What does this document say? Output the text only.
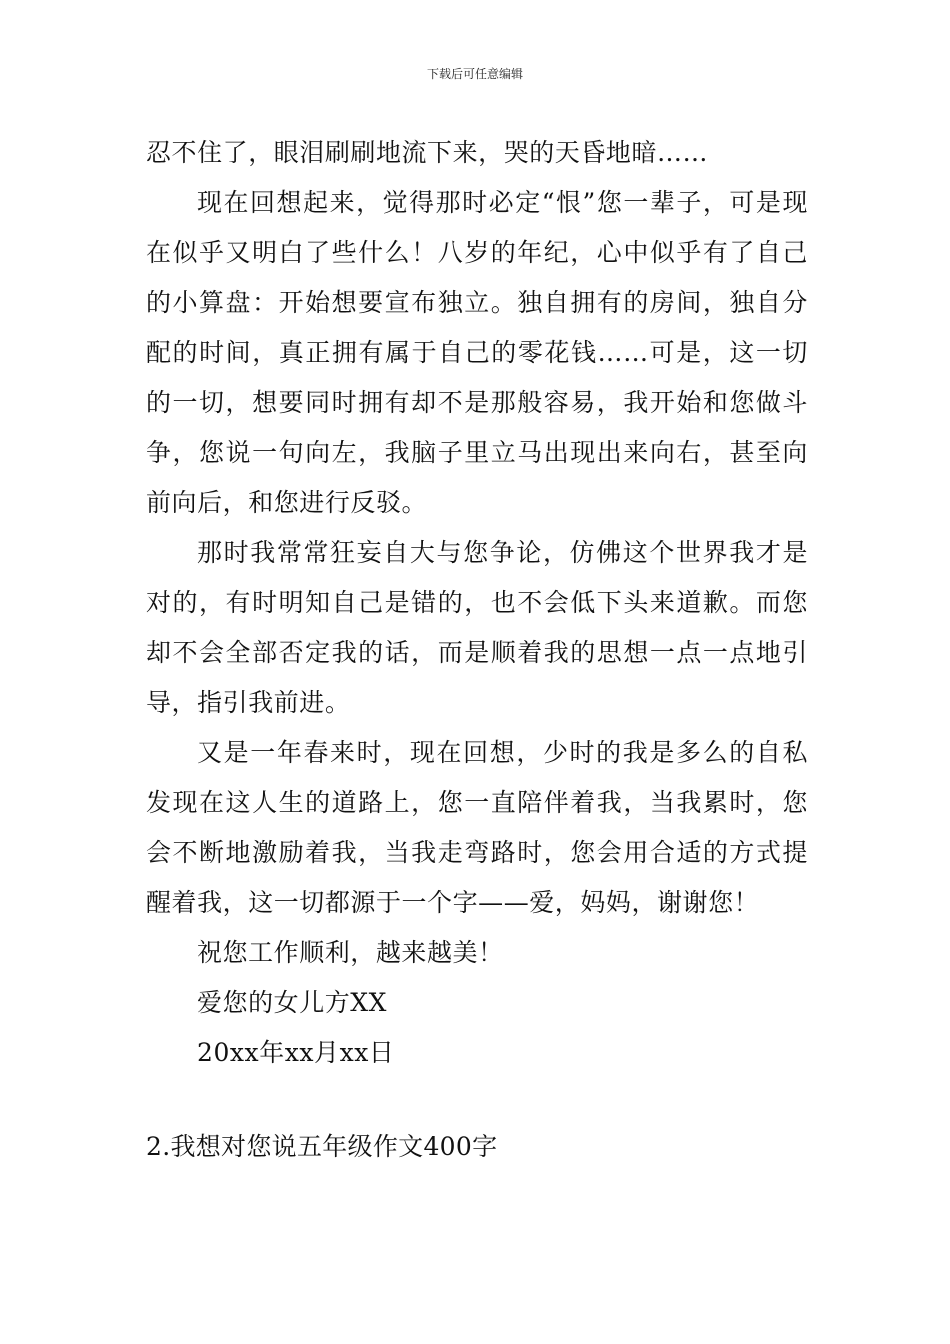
下载后可任意编辑

忍不住了，眼泪刷刷地流下来，哭的天昏地暗……

现在回想起来，觉得那时必定“恨”您一辈子，可是现在似乎又明白了些什么！八岁的年纪，心中似乎有了自己的小算盘：开始想要宣布独立。独自拥有的房间，独自分配的时间，真正拥有属于自己的零花钱……可是，这一切的一切，想要同时拥有却不是那般容易，我开始和您做斗争，您说一句向左，我脑子里立马出现出来向右，甚至向前向后，和您进行反驳。

那时我常常狂妄自大与您争论，仿佛这个世界我才是对的，有时明知自己是错的，也不会低下头来道歉。而您却不会全部否定我的话，而是顺着我的思想一点一点地引导，指引我前进。

又是一年春来时，现在回想，少时的我是多么的自私发现在这人生的道路上，您一直陪伴着我，当我累时，您会不断地激励着我，当我走弯路时，您会用合适的方式提醒着我，这一切都源于一个字——爱，妈妈，谢谢您！

祝您工作顺利，越来越美！

爱您的女儿方XX

20xx年xx月xx日

2.我想对您说五年级作文400字
